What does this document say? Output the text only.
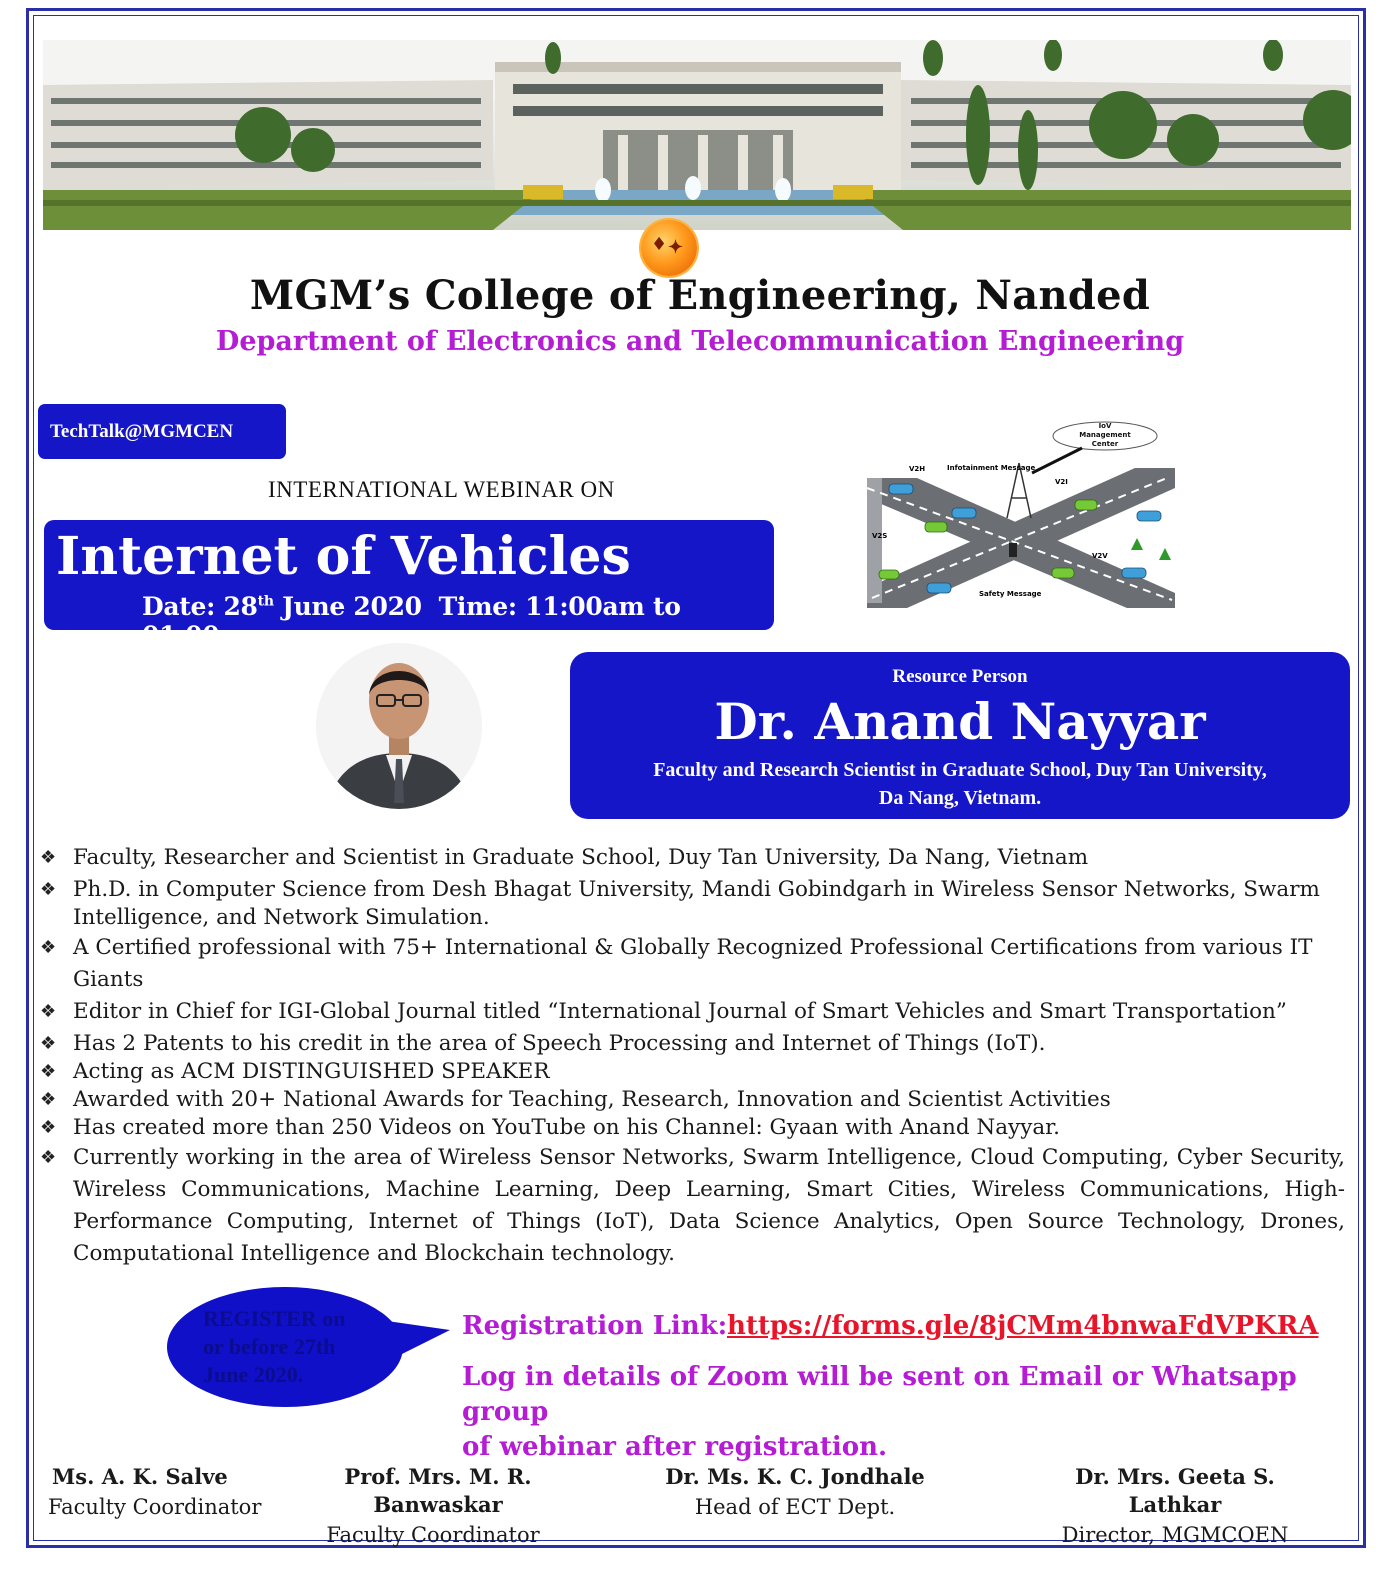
♦ ✦
MGM’s College of Engineering, Nanded
Department of Electronics and Telecommunication Engineering
TechTalk@MGMCEN
INTERNATIONAL WEBINAR ON
Internet of Vehicles
Date: 28th June 2020 Time: 11:00am to 01:00pm
IoV
Management
Center
Infotainment Message
V2H
V2I
V2S
V2V
Safety Message
Resource Person
Dr. Anand Nayyar
Faculty and Research Scientist in Graduate School, Duy Tan University,
Da Nang, Vietnam.
❖ Faculty, Researcher and Scientist in Graduate School, Duy Tan University, Da Nang, Vietnam
❖ Ph.D. in Computer Science from Desh Bhagat University, Mandi Gobindgarh in Wireless Sensor Networks, Swarm Intelligence, and Network Simulation.
❖ A Certified professional with 75+ International & Globally Recognized Professional Certifications from various IT Giants
❖ Editor in Chief for IGI-Global Journal titled “International Journal of Smart Vehicles and Smart Transportation”
❖ Has 2 Patents to his credit in the area of Speech Processing and Internet of Things (IoT).
❖ Acting as ACM DISTINGUISHED SPEAKER
❖ Awarded with 20+ National Awards for Teaching, Research, Innovation and Scientist Activities
❖ Has created more than 250 Videos on YouTube on his Channel: Gyaan with Anand Nayyar.
❖ Currently working in the area of Wireless Sensor Networks, Swarm Intelligence, Cloud Computing, Cyber Security, Wireless Communications, Machine Learning, Deep Learning, Smart Cities, Wireless Communications, High-Performance Computing, Internet of Things (IoT), Data Science Analytics, Open Source Technology, Drones, Computational Intelligence and Blockchain technology.
REGISTER on
or before 27th
June 2020.
Registration Link: https://forms.gle/8jCMm4bnwaFdVPKRA
Log in details of Zoom will be sent on Email or Whatsapp group
of webinar after registration.
Ms. A. K. Salve
Faculty Coordinator
Prof. Mrs. M. R. Banwaskar
Faculty Coordinator
Dr. Ms. K. C. Jondhale
Head of ECT Dept.
Dr. Mrs. Geeta S. Lathkar
Director, MGMCOEN
